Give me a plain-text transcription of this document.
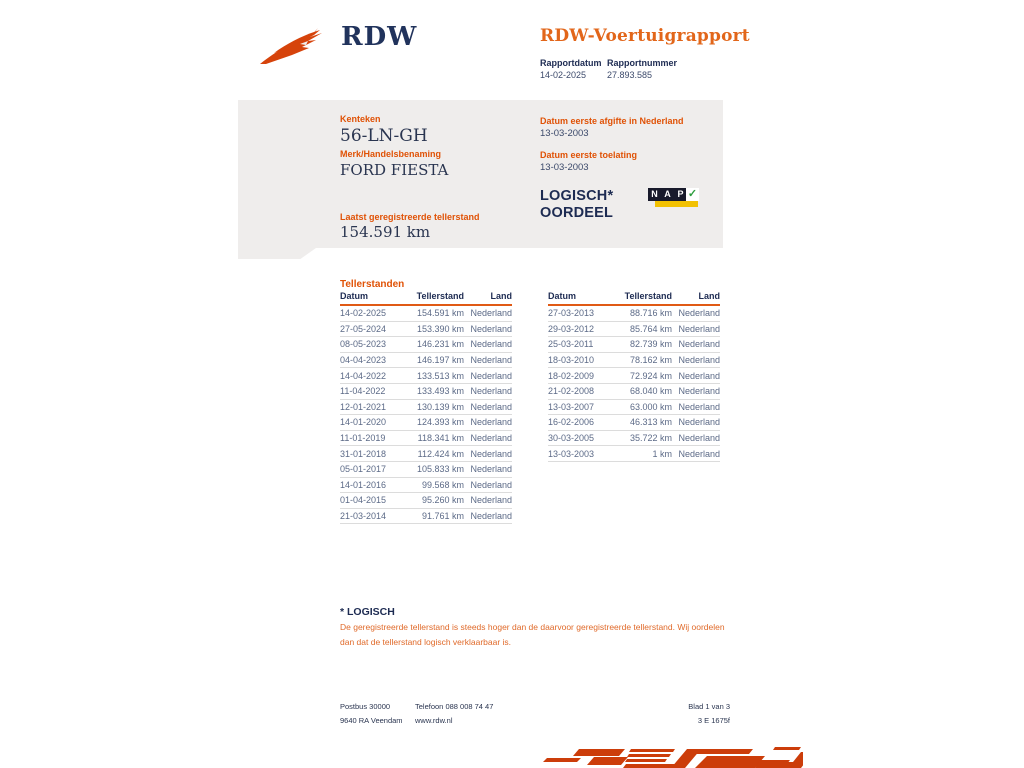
RDW	RDW-Voertuigrapport
Rapportdatum
14-02-2025
Rapportnummer
27.893.585
Kenteken
56-LN-GH
Merk/Handelsbenaming
FORD FIESTA
Laatst geregistreerde tellerstand
154.591 km
Datum eerste afgifte in Nederland
13-03-2003
Datum eerste toelating
13-03-2003
LOGISCH*
OORDEEL
N A P ✓
Tellerstanden
Datum	Tellerstand	Land
14-02-2025	154.591 km Nederland
27-05-2024	153.390 km Nederland
08-05-2023	146.231 km Nederland
04-04-2023	146.197 km Nederland
14-04-2022	133.513 km Nederland
11-04-2022	133.493 km Nederland
12-01-2021	130.139 km Nederland
14-01-2020	124.393 km Nederland
11-01-2019	118.341 km Nederland
31-01-2018	112.424 km Nederland
05-01-2017	105.833 km Nederland
14-01-2016	99.568 km Nederland
01-04-2015	95.260 km Nederland
21-03-2014	91.761 km Nederland
Datum	Tellerstand	Land
27-03-2013	88.716 km Nederland
29-03-2012	85.764 km Nederland
25-03-2011	82.739 km Nederland
18-03-2010	78.162 km Nederland
18-02-2009	72.924 km Nederland
21-02-2008	68.040 km Nederland
13-03-2007	63.000 km Nederland
16-02-2006	46.313 km Nederland
30-03-2005	35.722 km Nederland
13-03-2003	1 km Nederland
* LOGISCH
De geregistreerde tellerstand is steeds hoger dan de daarvoor geregistreerde tellerstand. Wij oordelen dan dat de tellerstand logisch verklaarbaar is.
Postbus 30000
9640 RA Veendam
Telefoon 088 008 74 47
www.rdw.nl
Blad 1 van 3
3 E 1675f
